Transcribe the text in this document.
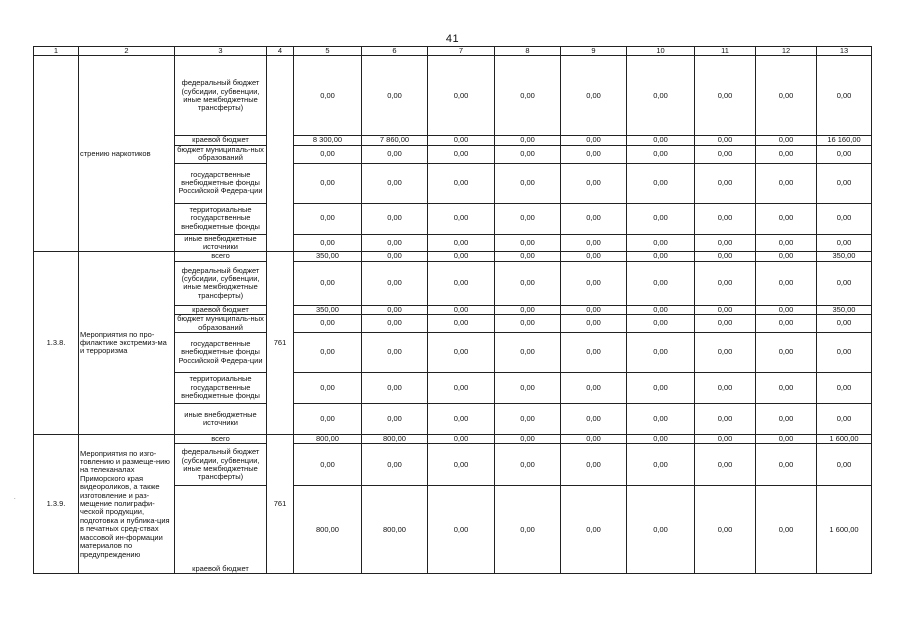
41
1	2	3	4	5	6	7	8	9	10	11	12	13
	стрению наркотиков	федеральный бюджет (субсидии, субвенции, иные межбюджетные трансферты)		0,00	0,00	0,00	0,00	0,00	0,00	0,00	0,00	0,00
		краевой бюджет		8 300,00	7 860,00	0,00	0,00	0,00	0,00	0,00	0,00	16 160,00
		бюджет муниципаль-ных образований		0,00	0,00	0,00	0,00	0,00	0,00	0,00	0,00	0,00
		государственные внебюджетные фонды Российской Федера-ции		0,00	0,00	0,00	0,00	0,00	0,00	0,00	0,00	0,00
		территориальные государственные внебюджетные фонды		0,00	0,00	0,00	0,00	0,00	0,00	0,00	0,00	0,00
		иные внебюджетные источники		0,00	0,00	0,00	0,00	0,00	0,00	0,00	0,00	0,00
1.3.8.	Мероприятия по про-филактике экстремиз-ма и терроризма	всего	761	350,00	0,00	0,00	0,00	0,00	0,00	0,00	0,00	350,00
		федеральный бюджет (субсидии, субвенции, иные межбюджетные трансферты)		0,00	0,00	0,00	0,00	0,00	0,00	0,00	0,00	0,00
		краевой бюджет		350,00	0,00	0,00	0,00	0,00	0,00	0,00	0,00	350,00
		бюджет муниципаль-ных образований		0,00	0,00	0,00	0,00	0,00	0,00	0,00	0,00	0,00
		государственные внебюджетные фонды Российской Федера-ции		0,00	0,00	0,00	0,00	0,00	0,00	0,00	0,00	0,00
		территориальные государственные внебюджетные фонды		0,00	0,00	0,00	0,00	0,00	0,00	0,00	0,00	0,00
		иные внебюджетные источники		0,00	0,00	0,00	0,00	0,00	0,00	0,00	0,00	0,00
1.3.9.	Мероприятия по изго-товлению и размеще-нию на телеканалах Приморского края видеороликов, а также изготовление и раз-мещение полиграфи-ческой продукции, подготовка и публика-ция в печатных сред-ствах массовой ин-формации материалов по предупреждению	всего	761	800,00	800,00	0,00	0,00	0,00	0,00	0,00	0,00	1 600,00
		федеральный бюджет (субсидии, субвенции, иные межбюджетные трансферты)		0,00	0,00	0,00	0,00	0,00	0,00	0,00	0,00	0,00
		краевой бюджет		800,00	800,00	0,00	0,00	0,00	0,00	0,00	0,00	1 600,00
.
